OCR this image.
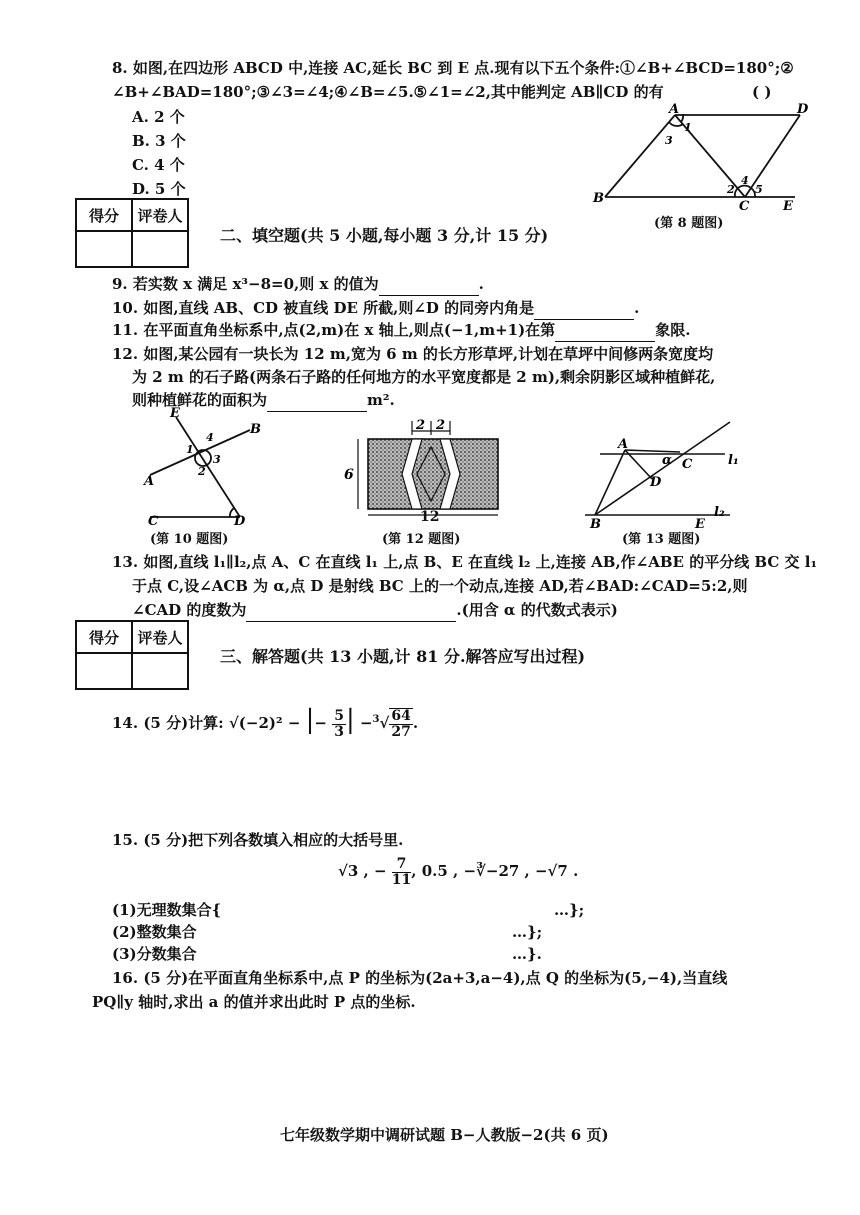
8. 如图,在四边形 ABCD 中,连接 AC,延长 BC 到 E 点.现有以下五个条件:①∠B+∠BCD=180°;②
∠B+∠BAD=180°;③∠3=∠4;④∠B=∠5.⑤∠1=∠2,其中能判定 AB∥CD 的有	( )
A. 2 个
B. 3 个
C. 4 个
D. 5 个
A	D
B
C	E
1
3
2
4
5
(第 8 题图)
得分	评卷人

二、填空题(共 5 小题,每小题 3 分,计 15 分)
9. 若实数 x 满足 x³−8=0,则 x 的值为	.
10. 如图,直线 AB、CD 被直线 DE 所截,则∠D 的同旁内角是	.
11. 在平面直角坐标系中,点(2,m)在 x 轴上,则点(−1,m+1)在第	象限.
12. 如图,某公园有一块长为 12 m,宽为 6 m 的长方形草坪,计划在草坪中间修两条宽度均
为 2 m 的石子路(两条石子路的任何地方的水平宽度都是 2 m),剩余阴影区域种植鲜花,
则种植鲜花的面积为	m².
E
B
A
C	D
1
4
2
3
(第 10 题图)
2 2
6
12
(第 12 题图)
A
C
D
B	E
α	l₁
l₂
(第 13 题图)
13. 如图,直线 l₁∥l₂,点 A、C 在直线 l₁ 上,点 B、E 在直线 l₂ 上,连接 AB,作∠ABE 的平分线 BC 交 l₁
于点 C,设∠ACB 为 α,点 D 是射线 BC 上的一个动点,连接 AD,若∠BAD:∠CAD=5:2,则
∠CAD 的度数为	.(用含 α 的代数式表示)
得分	评卷人

三、解答题(共 13 小题,计 81 分.解答应写出过程)
14. (5 分)计算: √(−2)² − |− $\frac{5}{3}$ | $-^3√ \frac{64}{27}$ .
15. (5 分)把下列各数填入相应的大括号里.
√3 , − $\frac{7}{11}$ , 0.5 , −∛−27 , −√7 .
(1)无理数集合{	…};
(2)整数集合	…};
(3)分数集合	…}.
16. (5 分)在平面直角坐标系中,点 P 的坐标为(2a+3,a−4),点 Q 的坐标为(5,−4),当直线
PQ∥y 轴时,求出 a 的值并求出此时 P 点的坐标.
七年级数学期中调研试题 B−人教版−2(共 6 页)
